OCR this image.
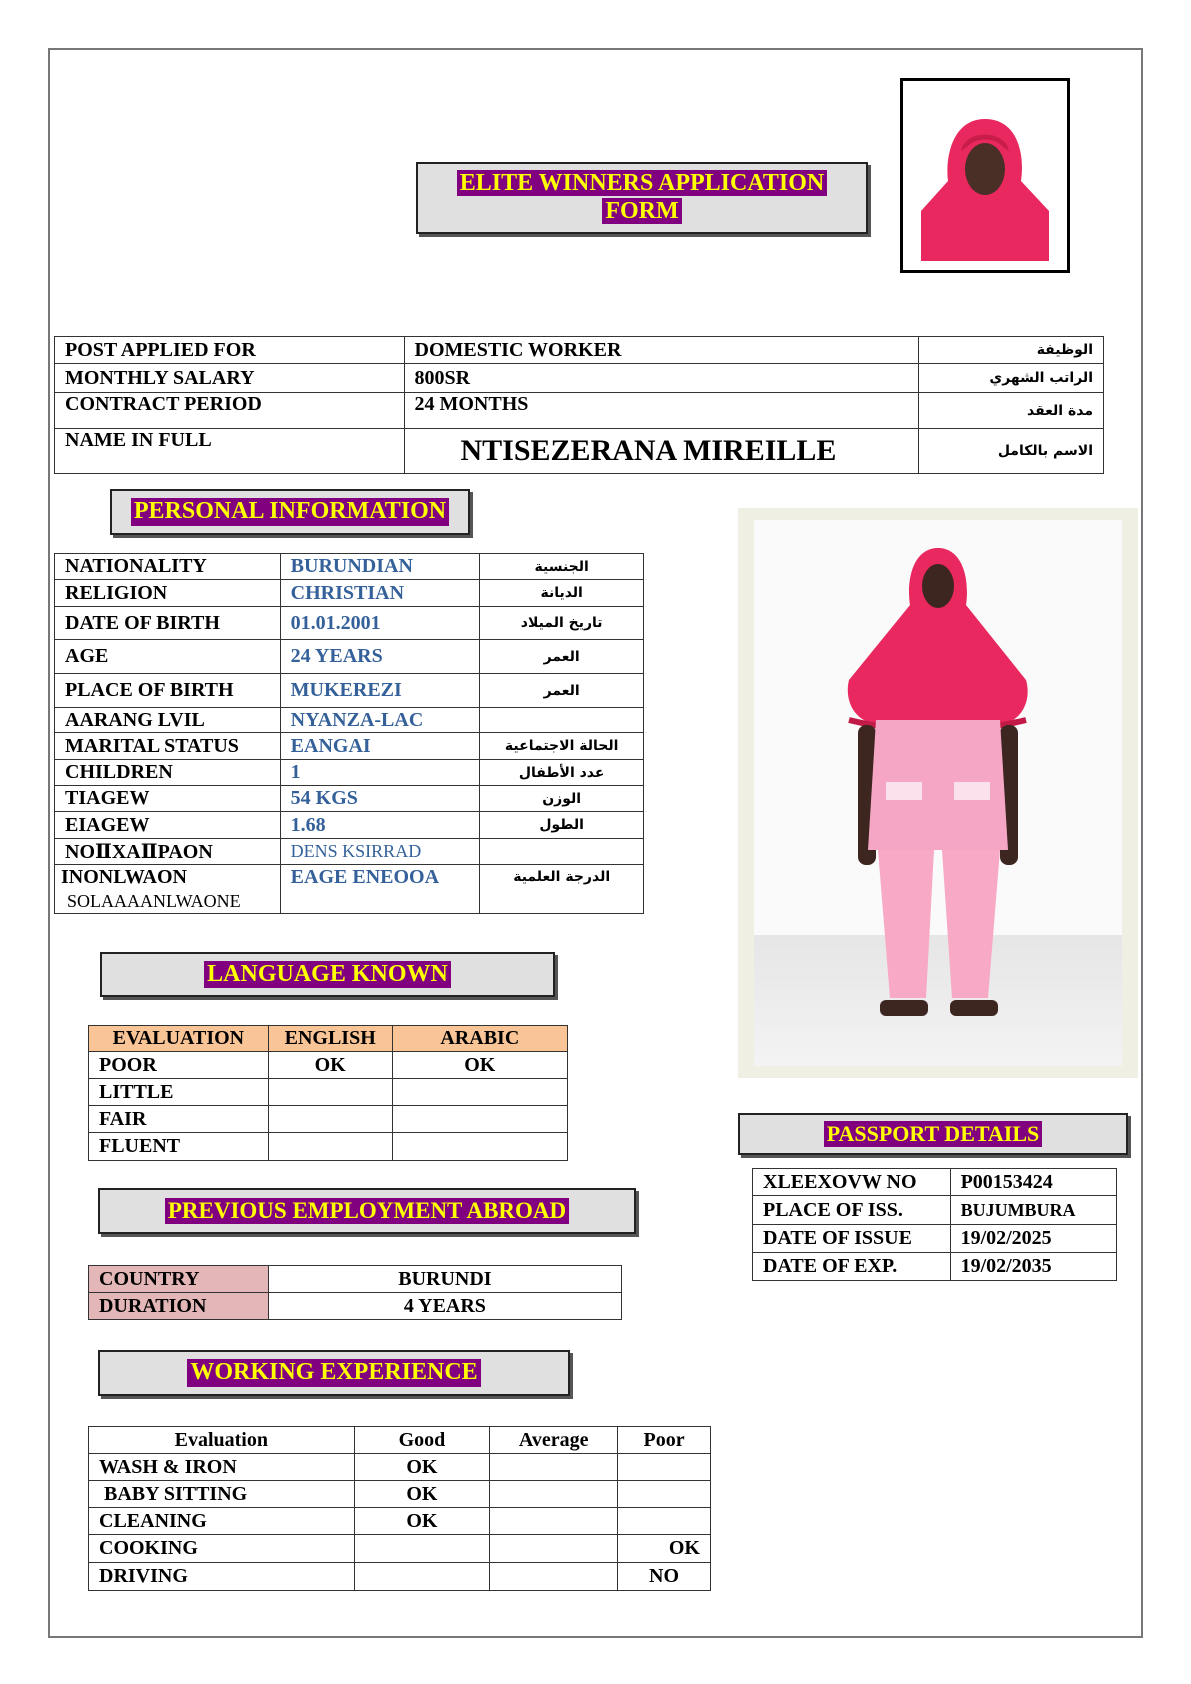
ELITE WINNERS APPLICATION
FORM
POST APPLIED FOR	DOMESTIC WORKER	الوظيفة
MONTHLY SALARY	800SR	الراتب الشهري
CONTRACT PERIOD	24 MONTHS	مدة العقد
NAME IN FULL	NTISEZERANA MIREILLE	الاسم بالكامل
PERSONAL INFORMATION
NATIONALITY	BURUNDIAN	الجنسية
RELIGION	CHRISTIAN	الديانة
DATE OF BIRTH	01.01.2001	تاريخ الميلاد
AGE	24 YEARS	العمر
PLACE OF BIRTH	MUKEREZI	العمر
AARANG LVIL	NYANZA-LAC	
MARITAL STATUS	EANGAI	الحالة الاجتماعية
CHILDREN	1	عدد الأطفال
TIAGEW	54 KGS	الوزن
EIAGEW	1.68	الطول
NOⅡXAⅡPAON	DENS KSIRRAD	
INONLWAON
SOLAAAANLWAONE	EAGE ENEOOA	الدرجة العلمية
LANGUAGE KNOWN
EVALUATION	ENGLISH	ARABIC
POOR	OK	OK
LITTLE		
FAIR		
FLUENT			PASSPORT DETAILS
XLEEXOVW NO	P00153424
PLACE OF ISS.	BUJUMBURA
DATE OF ISSUE	19/02/2025
DATE OF EXP.	19/02/2035
PREVIOUS EMPLOYMENT ABROAD
COUNTRY	BURUNDI
DURATION	4 YEARS
WORKING EXPERIENCE
Evaluation	Good	Average	Poor
WASH & IRON	OK		
BABY SITTING	OK		
CLEANING	OK		
COOKING			OK
DRIVING			NO
